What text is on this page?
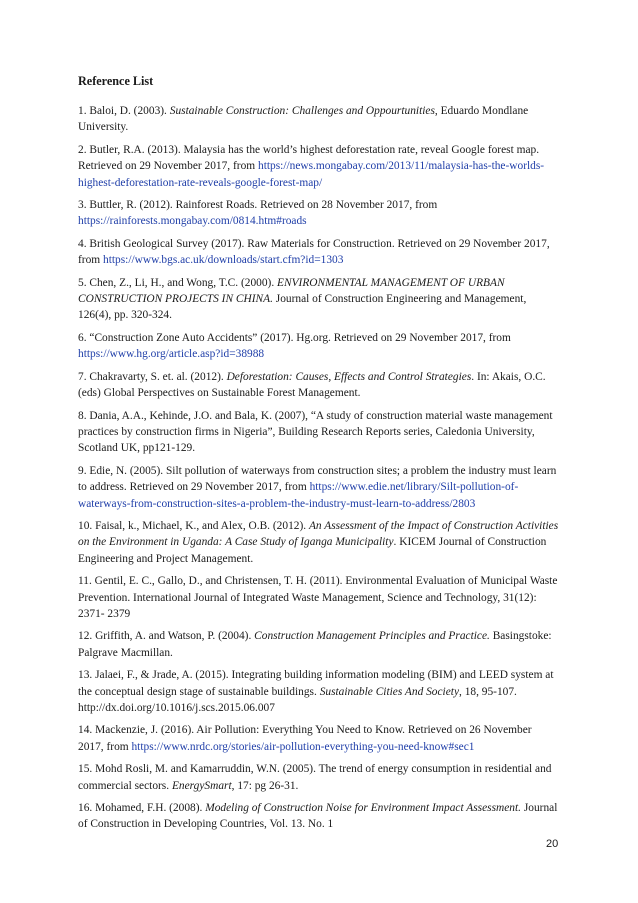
Reference List

1. Baloi, D. (2003). Sustainable Construction: Challenges and Oppourtunities, Eduardo Mondlane University.

2. Butler, R.A. (2013). Malaysia has the world’s highest deforestation rate, reveal Google forest map. Retrieved on 29 November 2017, from https://news.mongabay.com/2013/11/malaysia-has-the-worlds-highest-deforestation-rate-reveals-google-forest-map/

3. Buttler, R. (2012). Rainforest Roads. Retrieved on 28 November 2017, from https://rainforests.mongabay.com/0814.htm#roads

4. British Geological Survey (2017). Raw Materials for Construction. Retrieved on 29 November 2017, from https://www.bgs.ac.uk/downloads/start.cfm?id=1303

5. Chen, Z., Li, H., and Wong, T.C. (2000). ENVIRONMENTAL MANAGEMENT OF URBAN CONSTRUCTION PROJECTS IN CHINA. Journal of Construction Engineering and Management, 126(4), pp. 320-324.

6. “Construction Zone Auto Accidents” (2017). Hg.org. Retrieved on 29 November 2017, from https://www.hg.org/article.asp?id=38988

7. Chakravarty, S. et. al. (2012). Deforestation: Causes, Effects and Control Strategies. In: Akais, O.C. (eds) Global Perspectives on Sustainable Forest Management.

8. Dania, A.A., Kehinde, J.O. and Bala, K. (2007), “A study of construction material waste management practices by construction firms in Nigeria”, Building Research Reports series, Caledonia University, Scotland UK, pp121-129.

9. Edie, N. (2005). Silt pollution of waterways from construction sites; a problem the industry must learn to address. Retrieved on 29 November 2017, from https://www.edie.net/library/Silt-pollution-of-waterways-from-construction-sites-a-problem-the-industry-must-learn-to-address/2803

10. Faisal, k., Michael, K., and Alex, O.B. (2012). An Assessment of the Impact of Construction Activities on the Environment in Uganda: A Case Study of Iganga Municipality. KICEM Journal of Construction Engineering and Project Management.

11. Gentil, E. C., Gallo, D., and Christensen, T. H. (2011). Environmental Evaluation of Municipal Waste Prevention. International Journal of Integrated Waste Management, Science and Technology, 31(12): 2371- 2379

12. Griffith, A. and Watson, P. (2004). Construction Management Principles and Practice. Basingstoke: Palgrave Macmillan.

13. Jalaei, F., & Jrade, A. (2015). Integrating building information modeling (BIM) and LEED system at the conceptual design stage of sustainable buildings. Sustainable Cities And Society, 18, 95-107. http://dx.doi.org/10.1016/j.scs.2015.06.007

14. Mackenzie, J. (2016). Air Pollution: Everything You Need to Know. Retrieved on 26 November 2017, from https://www.nrdc.org/stories/air-pollution-everything-you-need-know#sec1

15. Mohd Rosli, M. and Kamarruddin, W.N. (2005). The trend of energy consumption in residential and commercial sectors. EnergySmart, 17: pg 26-31.

16. Mohamed, F.H. (2008). Modeling of Construction Noise for Environment Impact Assessment. Journal of Construction in Developing Countries, Vol. 13. No. 1

20
